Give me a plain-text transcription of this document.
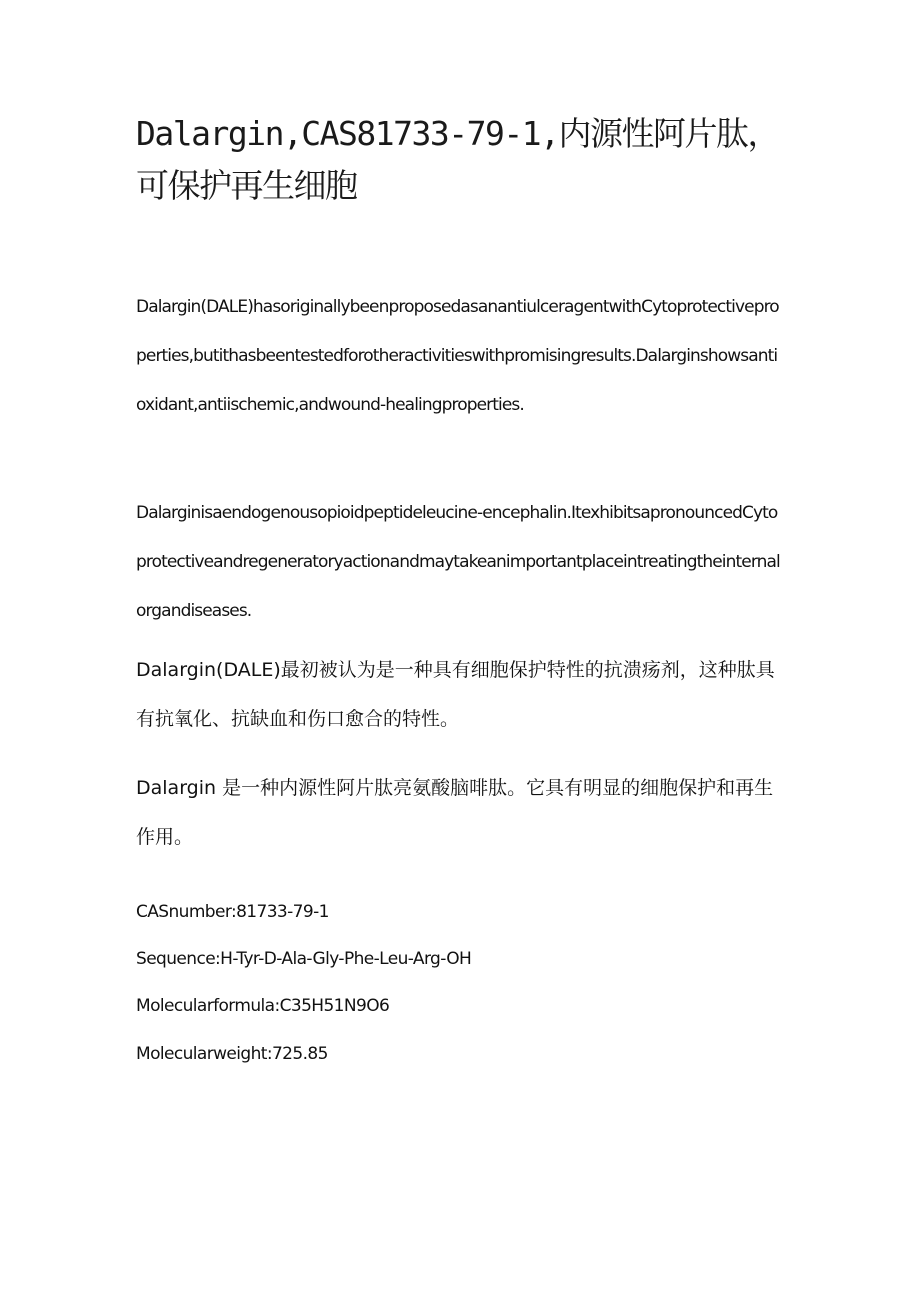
Dalargin,CAS81733-79-1,内源性阿片肽，可保护再生细胞

Dalargin(DALE)hasoriginallybeenproposedasanantiulceragentwithCytoprotectiveproperties,butithasbeentestedforotheractivitieswithpromisingresults.Dalarginshowsantioxidant,antiischemic,andwound-healingproperties.

Dalarginisaendogenousopioidpeptideleucine-encephalin.ItexhibitsapronouncedCytoprotectiveandregeneratoryactionandmaytakeanimportantplaceintreatingtheinternalorgandiseases.

Dalargin(DALE)最初被认为是一种具有细胞保护特性的抗溃疡剂，这种肽具有抗氧化、抗缺血和伤口愈合的特性。

Dalargin 是一种内源性阿片肽亮氨酸脑啡肽。它具有明显的细胞保护和再生作用。

CASnumber:81733-79-1
Sequence:H-Tyr-D-Ala-Gly-Phe-Leu-Arg-OH
Molecularformula:C35H51N9O6
Molecularweight:725.85
